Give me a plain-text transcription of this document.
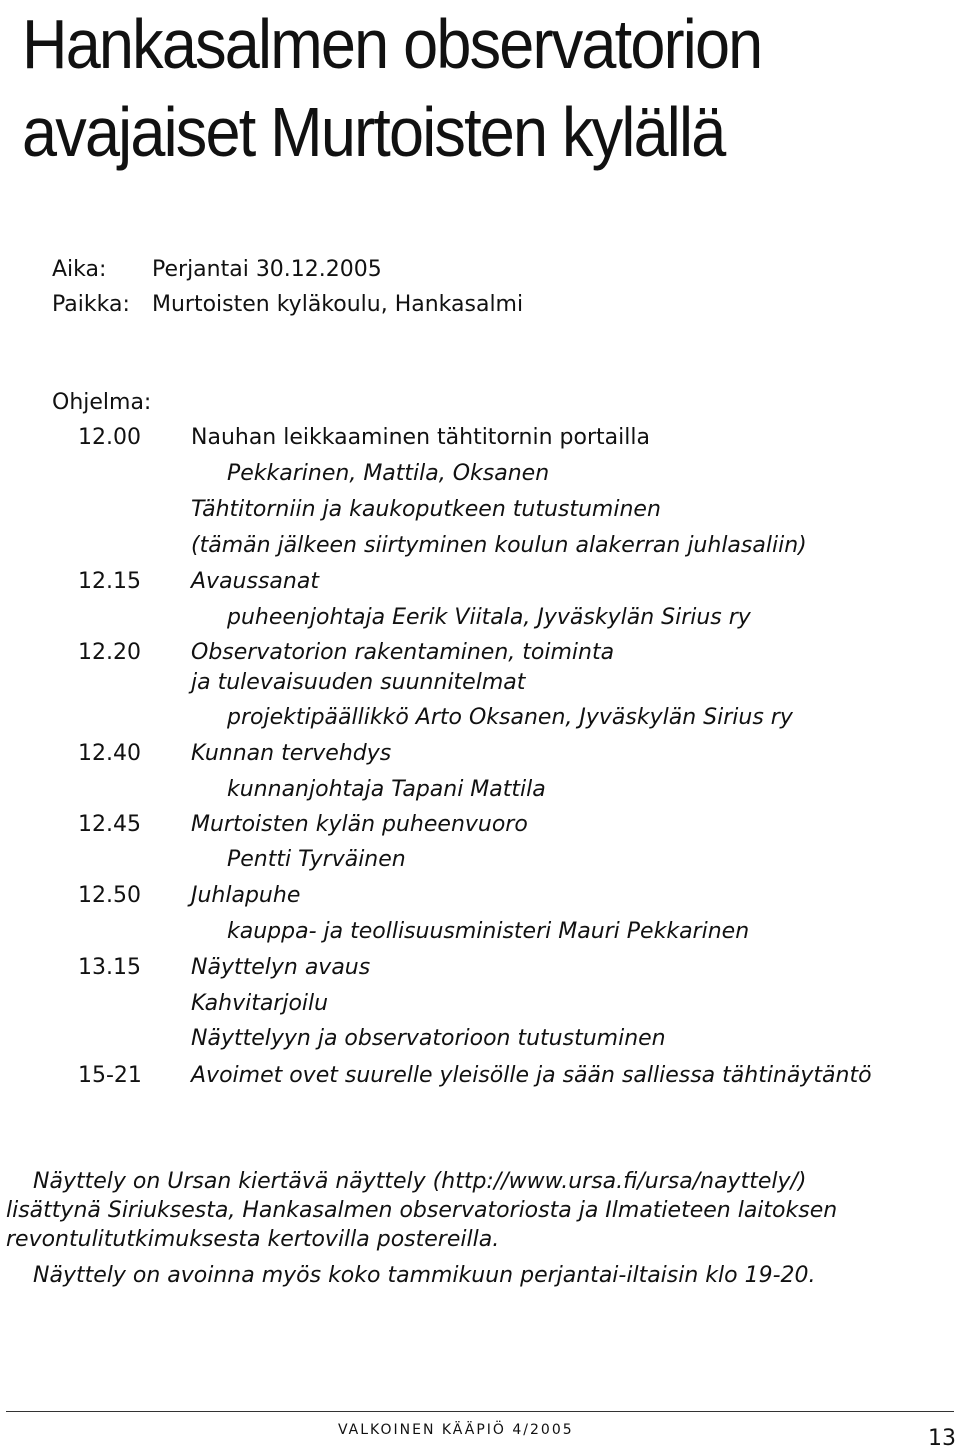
Hankasalmen observatorion avajaiset Murtoisten kylällä
Aika: Perjantai 30.12.2005
Paikka: Murtoisten kyläkoulu, Hankasalmi
Ohjelma:
12.00 Nauhan leikkaaminen tähtitornin portailla
Pekkarinen, Mattila, Oksanen
Tähtitorniin ja kaukoputkeen tutustuminen
(tämän jälkeen siirtyminen koulun alakerran juhlasaliin)
12.15 Avaussanat
puheenjohtaja Eerik Viitala, Jyväskylän Sirius ry
12.20 Observatorion rakentaminen, toiminta
ja tulevaisuuden suunnitelmat
projektipäällikkö Arto Oksanen, Jyväskylän Sirius ry
12.40 Kunnan tervehdys
kunnanjohtaja Tapani Mattila
12.45 Murtoisten kylän puheenvuoro
Pentti Tyrväinen
12.50 Juhlapuhe
kauppa- ja teollisuusministeri Mauri Pekkarinen
13.15 Näyttelyn avaus
Kahvitarjoilu
Näyttelyyn ja observatorioon tutustuminen
15-21 Avoimet ovet suurelle yleisölle ja sään salliessa tähtinäytäntö
Näyttely on Ursan kiertävä näyttely (http://www.ursa.fi/ursa/nayttely/)
lisättynä Siriuksesta, Hankasalmen observatoriosta ja Ilmatieteen laitoksen
revontulitutkimuksesta kertovilla postereilla.
Näyttely on avoinna myös koko tammikuun perjantai-iltaisin klo 19-20.
VALKOINEN KÄÄPIÖ 4/2005	13
